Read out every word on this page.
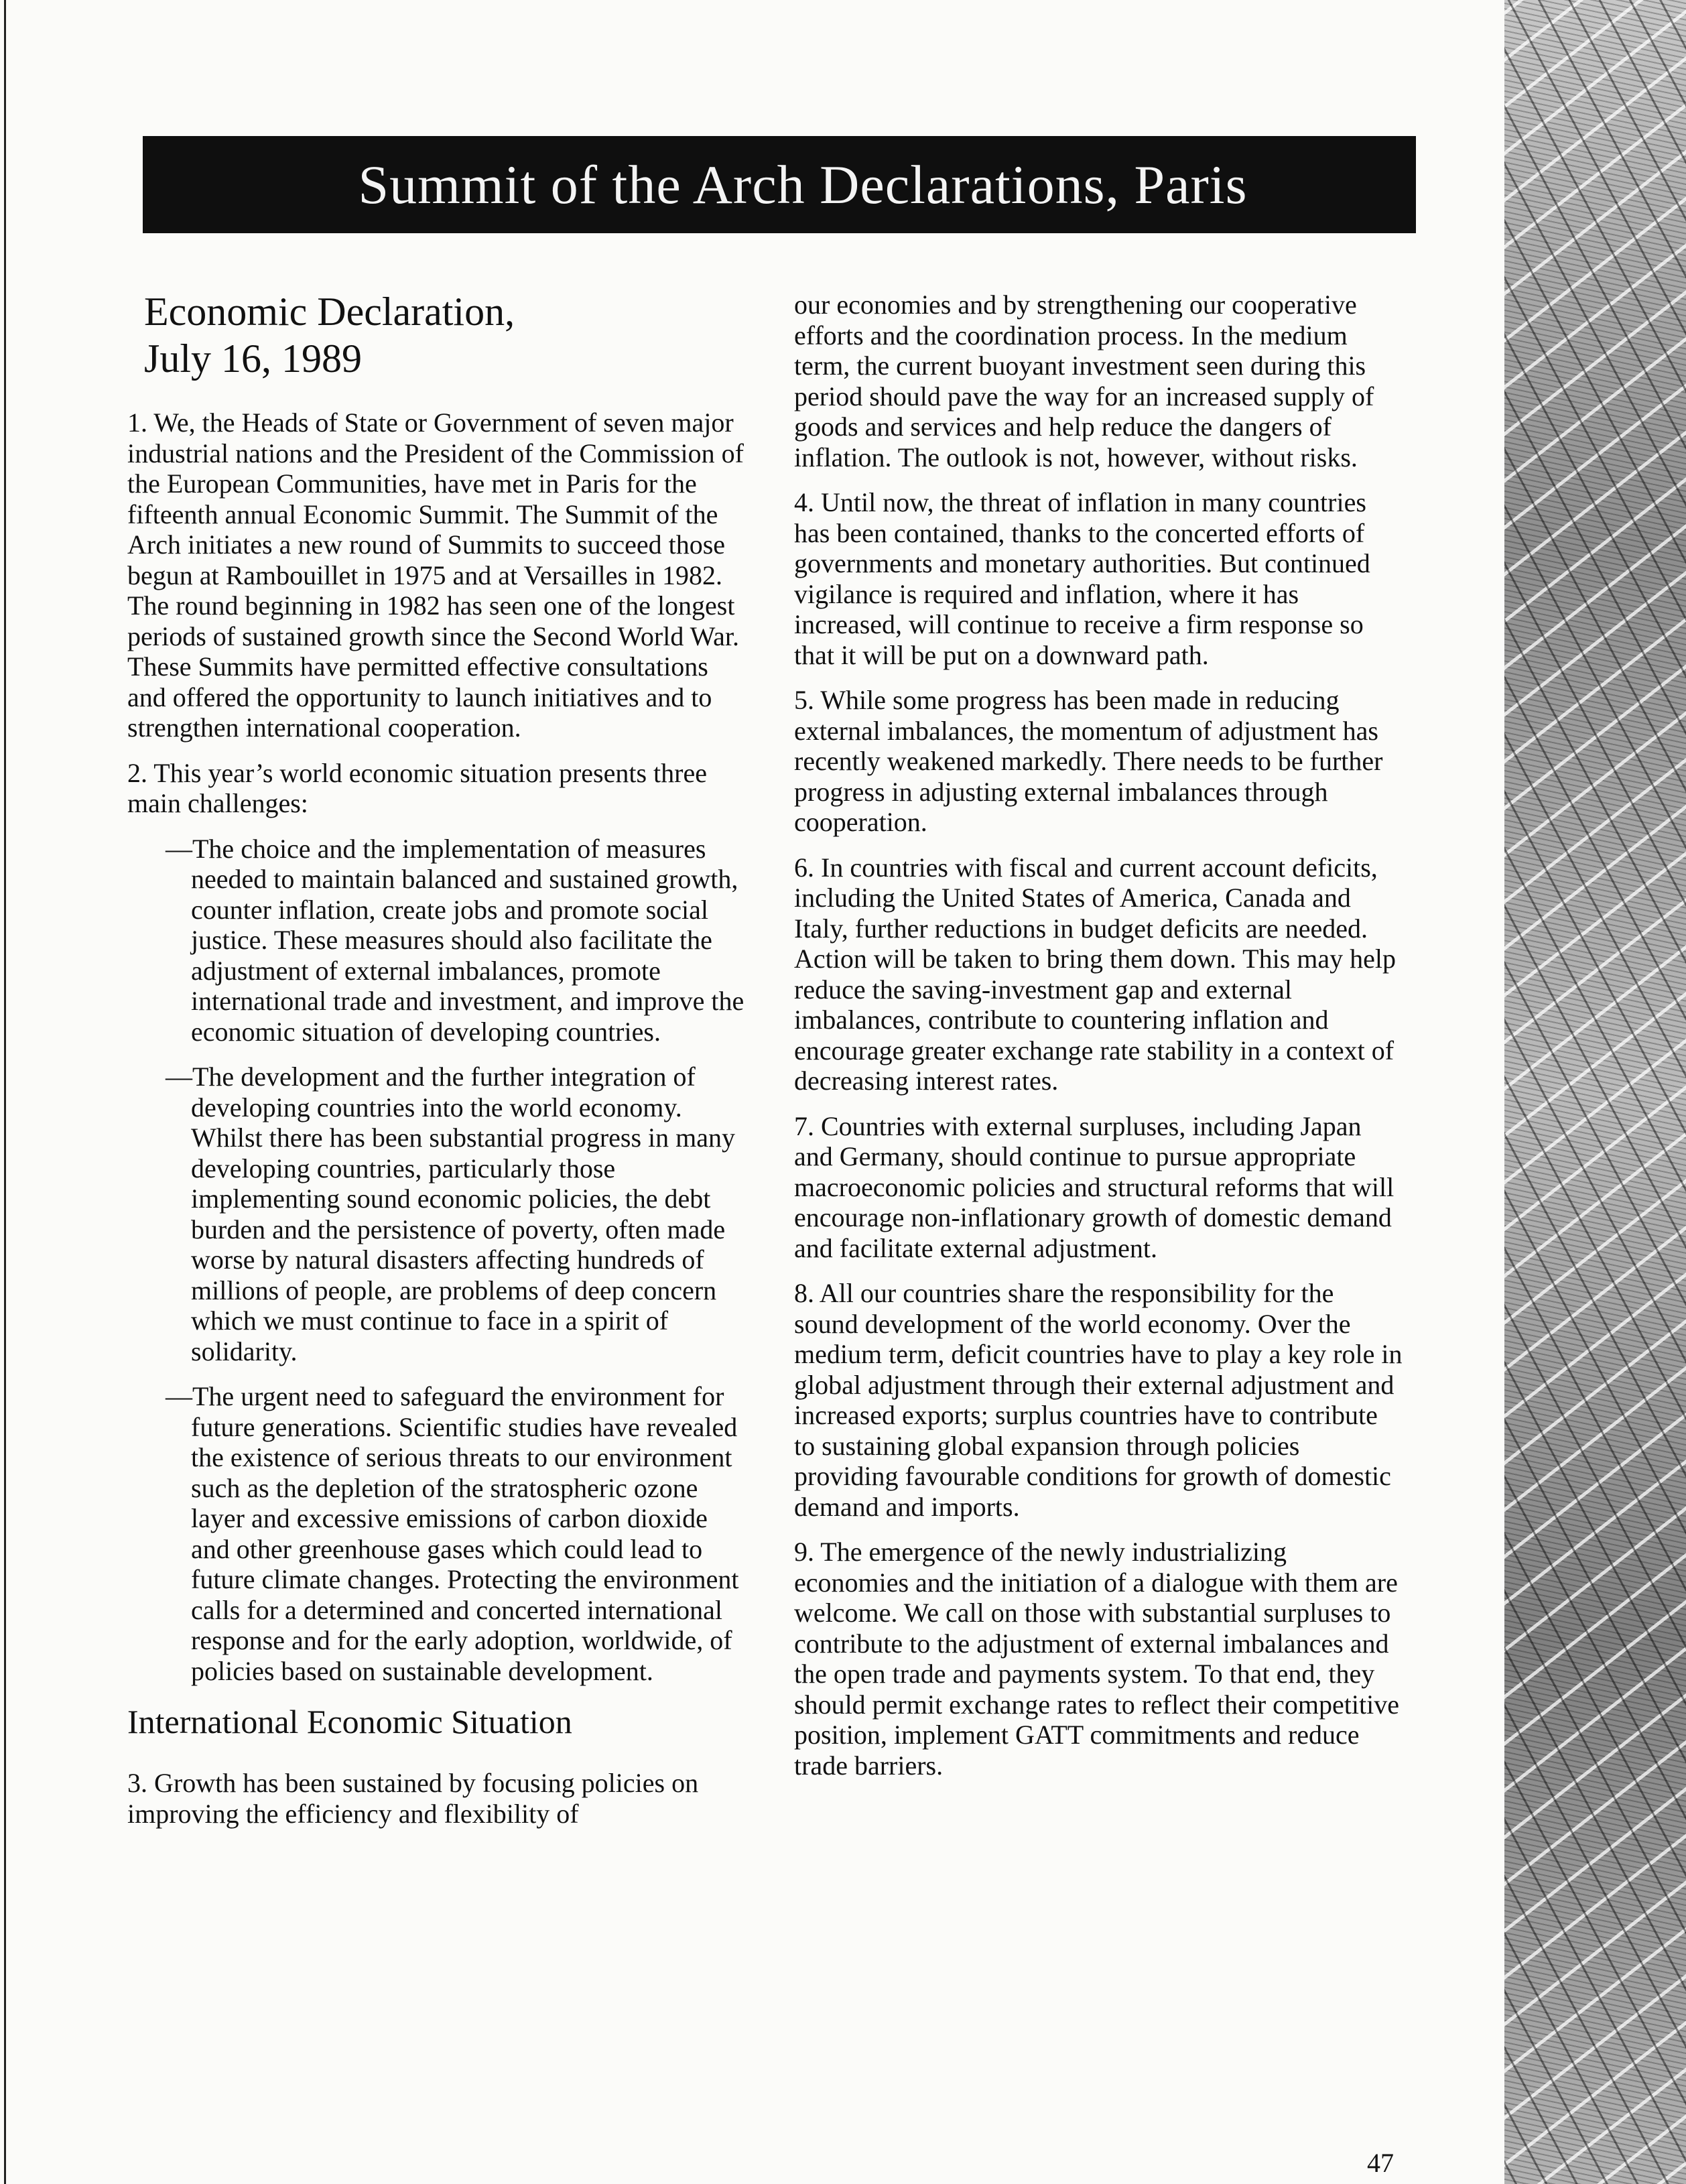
Summit of the Arch Declarations, Paris
Economic Declaration,
July 16, 1989

1. We, the Heads of State or Government of seven major industrial nations and the President of the Commission of the European Communities, have met in Paris for the fifteenth annual Economic Summit. The Summit of the Arch initiates a new round of Summits to succeed those begun at Rambouillet in 1975 and at Versailles in 1982. The round beginning in 1982 has seen one of the longest periods of sustained growth since the Second World War. These Summits have permitted effective consultations and offered the opportunity to launch initiatives and to strengthen international cooperation.

2. This year’s world economic situation presents three main challenges:

—The choice and the implementation of measures needed to maintain balanced and sustained growth, counter inflation, create jobs and promote social justice. These measures should also facilitate the adjustment of external imbalances, promote international trade and investment, and improve the economic situation of developing countries.

—The development and the further integration of developing countries into the world economy. Whilst there has been substantial progress in many developing countries, particularly those implementing sound economic policies, the debt burden and the persistence of poverty, often made worse by natural disasters affecting hundreds of millions of people, are problems of deep concern which we must continue to face in a spirit of solidarity.

—The urgent need to safeguard the environment for future generations. Scientific studies have revealed the existence of serious threats to our environment such as the depletion of the stratospheric ozone layer and excessive emissions of carbon dioxide and other greenhouse gases which could lead to future climate changes. Protecting the environment calls for a determined and concerted international response and for the early adoption, worldwide, of policies based on sustainable development.

International Economic Situation

3. Growth has been sustained by focusing policies on improving the efficiency and flexibility of

our economies and by strengthening our cooperative efforts and the coordination process. In the medium term, the current buoyant investment seen during this period should pave the way for an increased supply of goods and services and help reduce the dangers of inflation. The outlook is not, however, without risks.

4. Until now, the threat of inflation in many countries has been contained, thanks to the concerted efforts of governments and monetary authorities. But continued vigilance is required and inflation, where it has increased, will continue to receive a firm response so that it will be put on a downward path.

5. While some progress has been made in reducing external imbalances, the momentum of adjustment has recently weakened markedly. There needs to be further progress in adjusting external imbalances through cooperation.

6. In countries with fiscal and current account deficits, including the United States of America, Canada and Italy, further reductions in budget deficits are needed. Action will be taken to bring them down. This may help reduce the saving-investment gap and external imbalances, contribute to countering inflation and encourage greater exchange rate stability in a context of decreasing interest rates.

7. Countries with external surpluses, including Japan and Germany, should continue to pursue appropriate macroeconomic policies and structural reforms that will encourage non-inflationary growth of domestic demand and facilitate external adjustment.

8. All our countries share the responsibility for the sound development of the world economy. Over the medium term, deficit countries have to play a key role in global adjustment through their external adjustment and increased exports; surplus countries have to contribute to sustaining global expansion through policies providing favourable conditions for growth of domestic demand and imports.

9. The emergence of the newly industrializing economies and the initiation of a dialogue with them are welcome. We call on those with substantial surpluses to contribute to the adjustment of external imbalances and the open trade and payments system. To that end, they should permit exchange rates to reflect their competitive position, implement GATT commitments and reduce trade barriers.

47
